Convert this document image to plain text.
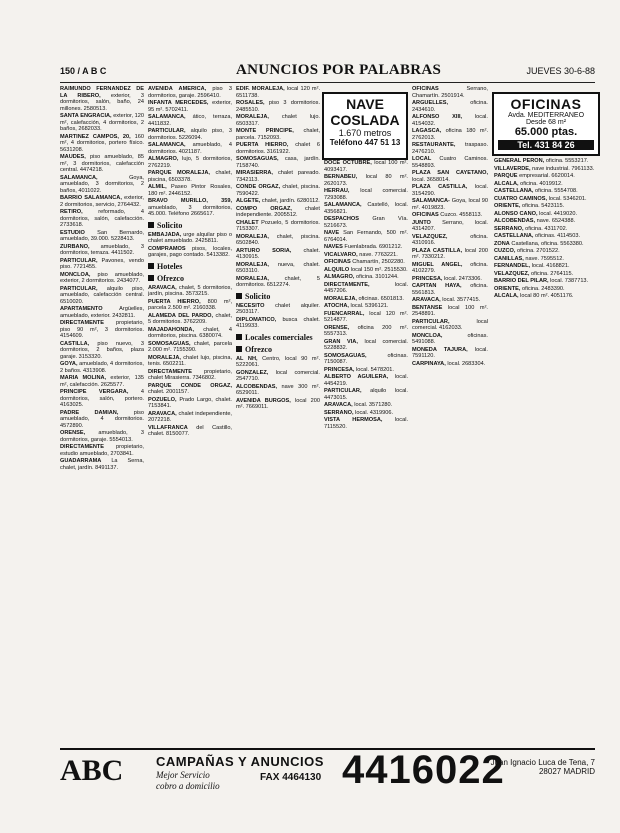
150 / A B C	ANUNCIOS POR PALABRAS	JUEVES 30-6-88

RAIMUNDO FERNANDEZ DE LA RIBERO, exterior, 3 dormitorios, salón, baño, 24 millones. 2580513.

SANTA ENGRACIA, exterior, 120 m², calefacción, 4 dormitorios, 2 baños, 2682033.

MARTINEZ CAMPOS, 20, 160 m², 4 dormitorios, portero físico. 5631208.

MAUDES, piso amueblado, 85 m², 3 dormitorios, calefacción central. 4474218.

SALAMANCA,	Goya, amueblado, 3 dormitorios, 2 baños, 4011022.

BARRIO SALAMANCA, exterior, 2 dormitorios, servicio, 2764432.

RETIRO,	reformado, 4 dormitorios, salón, calefacción. 2733618.

ESTUDIO San Bernardo, amueblado, 39.000. 5228413.

ZURBANO, amueblado, 3 dormitorios, terraza. 4411502.

PARTICULAR, Pavones, vendo piso. 7721455.

MONCLOA, piso amueblado, exterior, 2 dormitorios. 2434077.

PARTICULAR, alquilo piso, amueblado, calefacción central. 6510020.

APARTAMENTO	Argüelles, amueblado, exterior. 2432811.

DIRECTAMENTE propietario, piso 90 m², 3 dormitorios. 4154609.

CASTILLA, piso nuevo, 3 dormitorios, 2 baños, plaza garaje. 3153320.

GOYA, amueblado, 4 dormitorios, 2 baños. 4313908.

MARIA MOLINA, exterior, 135 m², calefacción. 2625577.

PRINCIPE VERGARA, 4 dormitorios, salón, portero. 4163025.

PADRE DAMIAN,	piso amueblado, 4 dormitorios. 4572890.

ORENSE, amueblado, 3 dormitorios, garaje. 5554013.

DIRECTAMENTE propietario, estudio amueblado, 2703841.

GUADARRAMA La Serna, chalet, jardín. 8491137.

AVENIDA AMERICA, piso 3 dormitorios, garaje. 2596410.

INFANTA MERCEDES, exterior, 95 m². 5702411.

SALAMANCA, ático, terraza, 4411832.

PARTICULAR, alquilo piso, 3 dormitorios. 5226094.

SALAMANCA, amueblado, 4 dormitorios. 4021187.

ALMAGRO, lujo, 5 dormitorios, 2762219.

PARQUE MORALEJA, chalet, piscina, 6503378.

ALMIL, Paseo Pintor Rosales, 180 m². 2446152.

BRAVO MURILLO, 359, amueblado, 3 dormitorios, 45.000. Teléfono 2665617.

Solicito

EMBAJADA, urge alquilar piso o chalet amueblado. 2425811.

COMPRAMOS pisos, locales, garajes, pago contado. 5413382.

Hoteles
Ofrezco

ARAVACA, chalet, 5 dormitorios, jardín, piscina. 3573215.

PUERTA HIERRO, 800 m², parcela 2.500 m². 2160338.

ALAMEDA DEL PARDO, chalet, 5 dormitorios. 3762209.

MAJADAHONDA, chalet, 4 dormitorios, piscina. 6380074.

SOMOSAGUAS, chalet, parcela 2.000 m². 7155390.

MORALEJA, chalet lujo, piscina, tenis. 6502211.

DIRECTAMENTE propietario, chalet Mirasierra. 7346802.

PARQUE CONDE ORGAZ, chalet. 2001157.

POZUELO, Prado Largo, chalet. 7153841.

ARAVACA, chalet independiente, 2072218.

VILLAFRANCA del Castillo, chalet. 8150077.

EDIF. MORALEJA, local 120 m². 6511738.

ROSALES, piso 3 dormitorios. 2485510.

MORALEJA, chalet lujo. 6503317.

MONTE PRINCIPE, chalet, parcela. 7152093.

PUERTA HIERRO, chalet 6 dormitorios. 3161922.

SOMOSAGUAS, casa, jardín. 7158740.

MIRASIERRA, chalet pareado. 7342113.

CONDE ORGAZ, chalet, piscina. 7590422.

ALGETE, chalet, jardín. 6280112.

COMPO ORGAZ, chalet independiente. 2005512.

CHALET Pozuelo, 5 dormitorios. 7153307.

MORALEJA, chalet, piscina. 6502840.

ARTURO SORIA, chalet. 4130915.

MORALEJA, nueva, chalet. 6503110.

MORALEJA,	chalet, 5 dormitorios. 6512274.

Solicito

NECESITO chalet alquiler. 2503117.

DIPLOMATICO, busca chalet. 4119933.

Locales comerciales
Ofrezco

AL NH, Centro, local 90 m². 5222061.

GONZALEZ, local comercial. 2547710.

ALCOBENDAS, nave 300 m². 6529011.

AVENIDA BURGOS, local 200 m². 7669011.

DOCE OCTUBRE, local 100 m². 4093417.

BERNABEU, local 80 m². 2620173.

HERRAU, local comercial. 7293088.

SALAMANCA, Castelló, local. 4356821.

DESPACHOS Gran Vía. 5216673.

NAVE San Fernando, 500 m². 6764014.

NAVES Fuenlabrada. 6901212.

VICALVARO, nave. 7763221.

OFICINAS Chamartín, 2502280.

ALQUILO local 150 m². 2515530.

ALMAGRO, oficina. 3101244.

DIRECTAMENTE,	local. 4457206.

MORALEJA, oficinas. 6501813.

ATOCHA, local. 5396121.

FUENCARRAL, local 120 m². 5214877.

ORENSE, oficina 200 m². 5557313.

GRAN VIA, local comercial. 5228832.

SOMOSAGUAS,	oficinas. 7150087.

PRINCESA, local. 5478201.

ALBERTO AGUILERA, local. 4454219.

PARTICULAR, alquilo local. 4473015.

ARAVACA, local. 3571280.

SERRANO, local. 4319906.

VISTA HERMOSA, local. 7115520.

OFICINAS	Serrano, Chamartín. 2501914.

ARGUELLES,	oficina. 2434610.

ALFONSO XIII, local. 4154032.

LAGASCA, oficina 180 m². 2762013.

RESTAURANTE, traspaso. 2476210.

LOCAL Cuatro Caminos. 5548893.

PLAZA SAN CAYETANO, local. 3658014.

PLAZA CASTILLA, local. 3154290.

SALAMANCA- Goya, local 90 m². 4019823.

OFICINAS Cuzco. 4558113.

JUNTO Serrano, local. 4314207.

VELAZQUEZ,	oficina. 4310916.

PLAZA CASTILLA, local 200 m². 7330212.

MIGUEL ANGEL, oficina. 4102279.

PRINCESA, local. 2473306.

CAPITAN HAYA, oficina. 5561813.

ARAVACA, local. 3577415.

BENTANSE local 100 m². 2548891.

PARTICULAR,	local comercial. 4162033.

MONCLOA,	oficinas. 5491088.

MONEDA TAJURA, local. 7591120.

CARPINAYA, local. 2683304.

GENERAL PERON, oficina. 5553217.

VILLAVERDE, nave industrial. 7961133.

PARQUE empresarial. 6620014.

ALCALA, oficina. 4019912.

CASTELLANA, oficina. 5554708.

CUATRO CAMINOS, local. 5346201.

ORIENTE, oficina. 5423115.

ALONSO CANO, local. 4419020.

ALCOBENDAS, nave. 6524388.

SERRANO, oficina. 4311702.

CASTELLANA, oficinas. 4114503.

ZONA Castellana, oficina. 5563380.

CUZCO, oficina. 2701522.

CANILLAS, nave. 7595512.

FERNANDEL, local. 4168821.

VELAZQUEZ, oficina. 2764115.

BARRIO DEL PILAR, local. 7387713.

ORIENTE, oficina. 2483390.

ALCALA, local 80 m². 4051176.

NAVE
COSLADA
1.670 metros
Teléfono 447 51 13
OFICINAS
Avda. MEDITERRANEO
Desde 68 m²
65.000 ptas.
Tel. 431 84 26
ABC	CAMPAÑAS Y ANUNCIOS
Mejor Servicio
cobro a domicilio
FAX 4464130 4416022
Juan Ignacio Luca de Tena, 7
28027 MADRID
